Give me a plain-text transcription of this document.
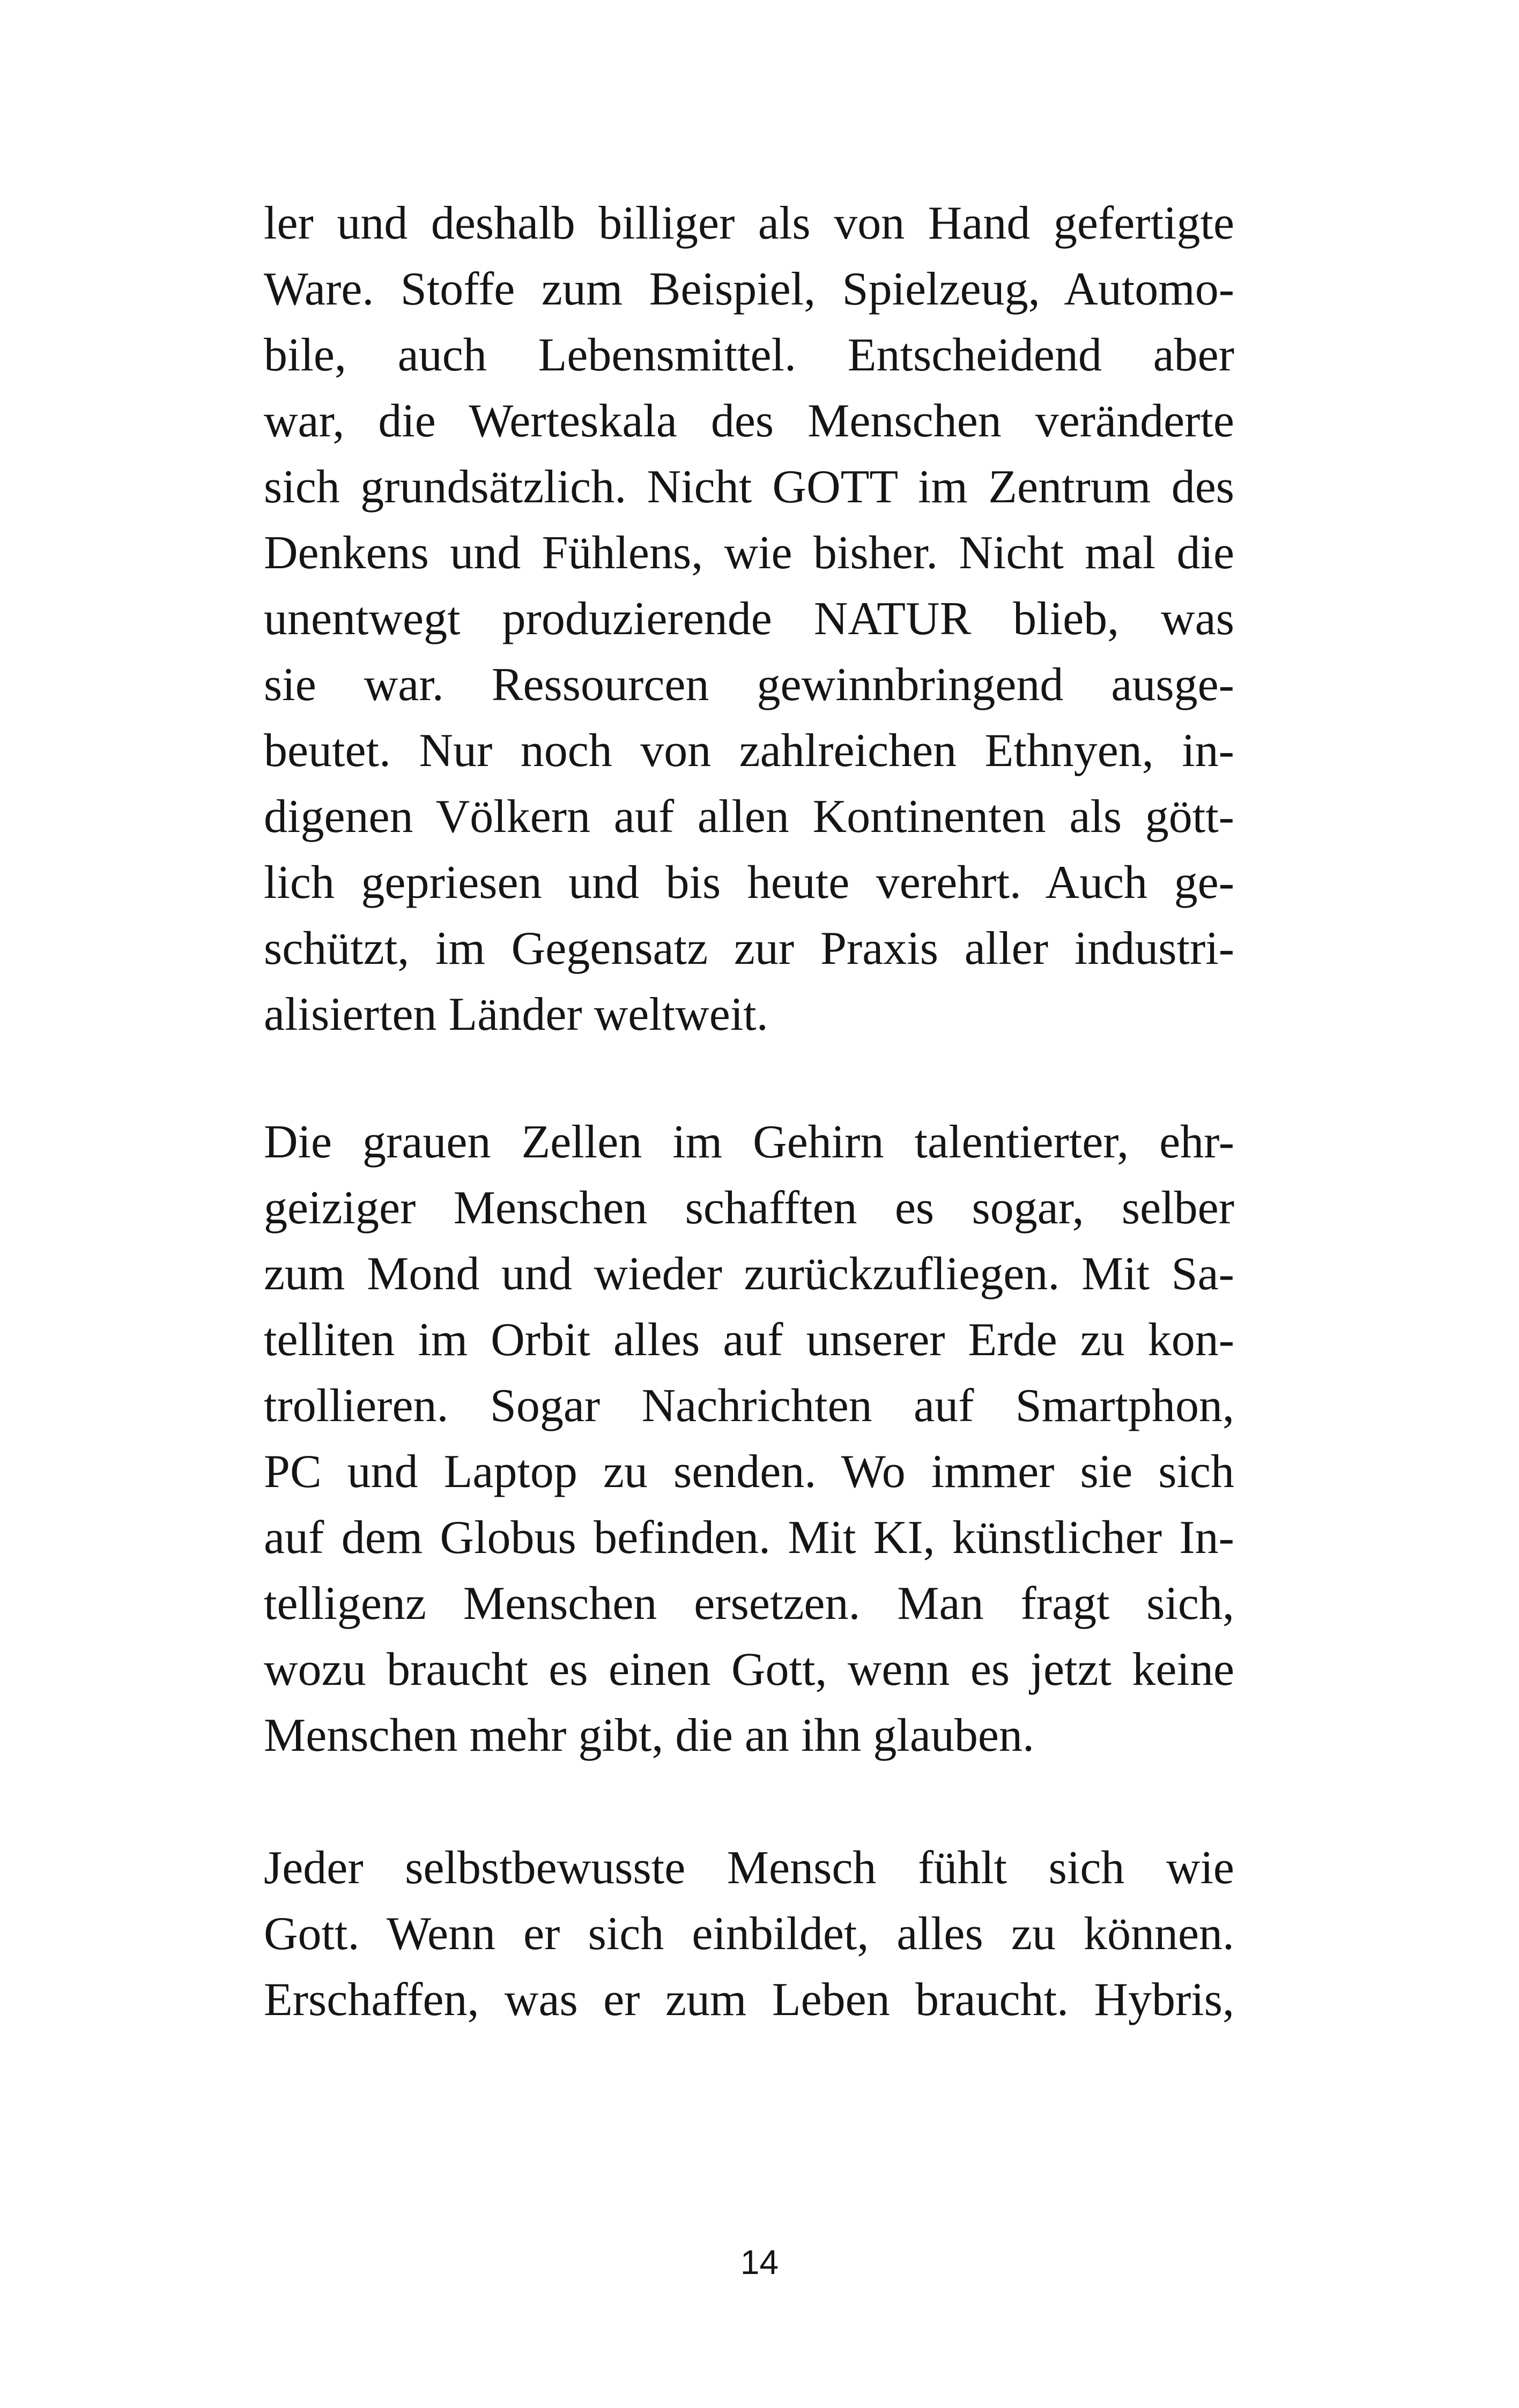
ler und deshalb billiger als von Hand gefertigte
Ware. Stoffe zum Beispiel, Spielzeug, Automo-
bile, auch Lebensmittel. Entscheidend aber
war, die Werteskala des Menschen veränderte
sich grundsätzlich. Nicht GOTT im Zentrum des
Denkens und Fühlens, wie bisher. Nicht mal die
unentwegt produzierende NATUR blieb, was
sie war. Ressourcen gewinnbringend ausge-
beutet. Nur noch von zahlreichen Ethnyen, in-
digenen Völkern auf allen Kontinenten als gött-
lich gepriesen und bis heute verehrt. Auch ge-
schützt, im Gegensatz zur Praxis aller industri-
alisierten Länder weltweit.
Die grauen Zellen im Gehirn talentierter, ehr-
geiziger Menschen schafften es sogar, selber
zum Mond und wieder zurückzufliegen. Mit Sa-
telliten im Orbit alles auf unserer Erde zu kon-
trollieren. Sogar Nachrichten auf Smartphon,
PC und Laptop zu senden. Wo immer sie sich
auf dem Globus befinden. Mit KI, künstlicher In-
telligenz Menschen ersetzen. Man fragt sich,
wozu braucht es einen Gott, wenn es jetzt keine
Menschen mehr gibt, die an ihn glauben.
Jeder selbstbewusste Mensch fühlt sich wie
Gott. Wenn er sich einbildet, alles zu können.
Erschaffen, was er zum Leben braucht. Hybris,
14
